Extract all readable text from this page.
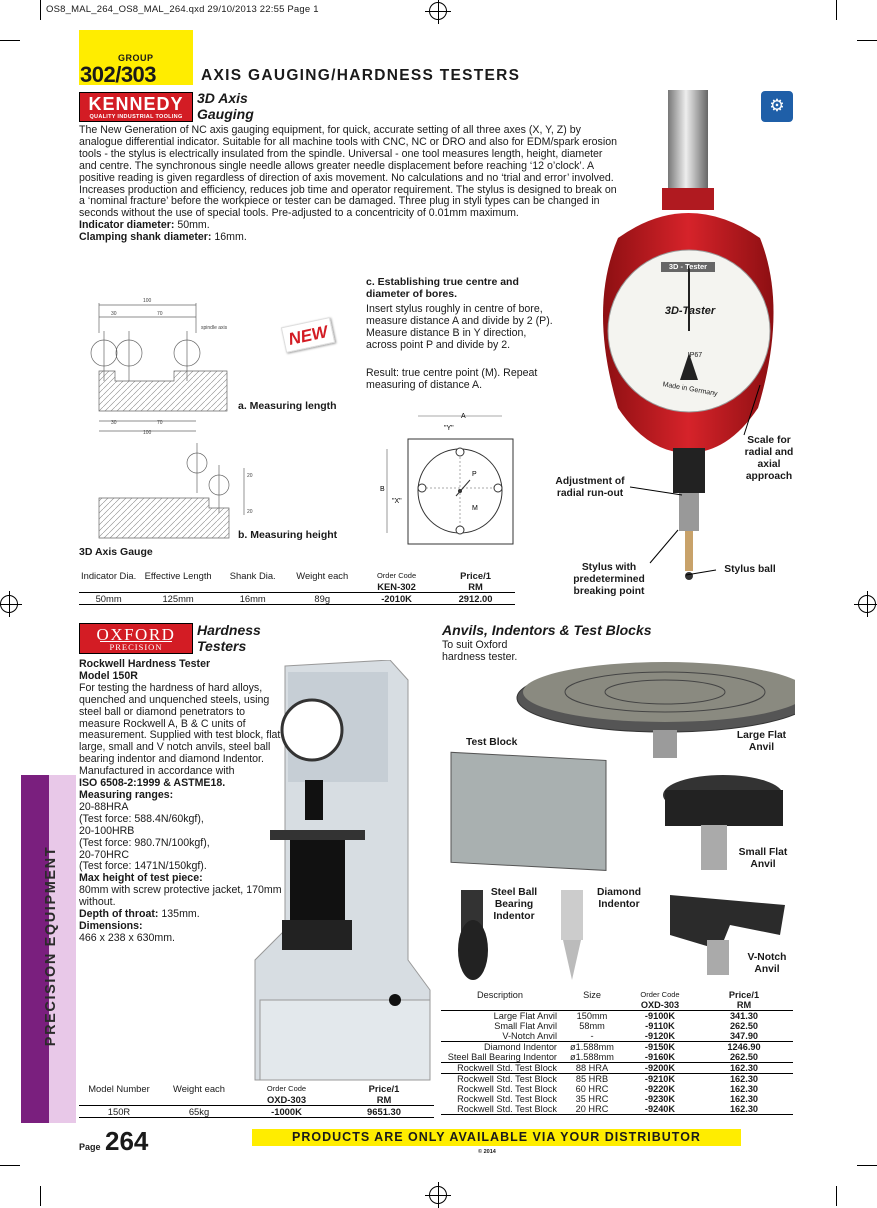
OS8_MAL_264_OS8_MAL_264.qxd 29/10/2013 22:55 Page 1
GROUP
302/303	AXIS GAUGING/HARDNESS TESTERS
KENNEDY
QUALITY INDUSTRIAL TOOLING
3D Axis
Gauging	⚙
The New Generation of NC axis gauging equipment, for quick, accurate setting of all three axes (X, Y, Z) by analogue differential indicator. Suitable for all machine tools with CNC, NC or DRO and also for EDM/spark erosion tools - the stylus is electrically insulated from the spindle. Universal - one tool measures length, height, diameter and centre. The synchronous single needle allows greater needle displacement before reaching ‘12 o’clock’. A positive reading is given regardless of direction of axis movement. No calculations and no ‘trial and error’ involved. Increases production and efficiency, reduces job time and operator requirement. The stylus is designed to break on a ‘nominal fracture’ before the workpiece or tester can be damaged. Three plug in styli types can be changed in seconds without the use of special tools. Pre-adjusted to a concentricity of 0.01mm maximum.
Indicator diameter: 50mm.
Clamping shank diameter: 16mm.
100
30	70
spindle axis
30	70
100
20
20
NEW
a. Measuring length
b. Measuring height
3D Axis Gauge
c. Establishing true centre and diameter of bores.
Insert stylus roughly in centre of bore, measure distance A and divide by 2 (P). Measure distance B in Y direction, across point P and divide by 2.
Result: true centre point (M). Repeat measuring of distance A.
A
"Y"
B
"X"
P
M
3D - Tester
3D-Taster
IP67
Made in Germany
Scale for radial and axial approach
Adjustment of radial run-out
Stylus with predetermined breaking point
Stylus ball
Indicator Dia.	Effective Length	Shank Dia.	Weight each	Order Code	Price/1
				KEN-302	RM
50mm	125mm	16mm	89g	-2010K	2912.00
OXFORD
PRECISION
Hardness
Testers
Rockwell Hardness Tester
Model 150R
For testing the hardness of hard alloys, quenched and unquenched steels, using steel ball or diamond penetrators to measure Rockwell A, B & C units of measurement. Supplied with test block, flat large, small and V notch anvils, steel ball bearing indentor and diamond Indentor. Manufactured in accordance with
ISO 6508-2:1999 & ASTME18.
Measuring ranges:
20-88HRA
(Test force: 588.4N/60kgf),
20-100HRB
(Test force: 980.7N/100kgf),
20-70HRC
(Test force: 1471N/150kgf).
Max height of test piece:
80mm with screw protective jacket, 170mm without.
Depth of throat: 135mm.
Dimensions:
466 x 238 x 630mm.
Model Number	Weight each	Order Code	Price/1
		OXD-303	RM
150R	65kg	-1000K	9651.30
Anvils, Indentors & Test Blocks
To suit Oxford hardness tester.
Test Block
Large Flat Anvil
Small Flat Anvil
Steel Ball Bearing Indentor
Diamond Indentor
V-Notch Anvil
Description	Size	Order Code	Price/1
		OXD-303	RM
Large Flat Anvil	150mm	-9100K	341.30
Small Flat Anvil	58mm	-9110K	262.50
V-Notch Anvil	-	-9120K	347.90
Diamond Indentor	ø1.588mm	-9150K	1246.90
Steel Ball Bearing Indentor	ø1.588mm	-9160K	262.50
Rockwell Std. Test Block	88 HRA	-9200K	162.30
Rockwell Std. Test Block	85 HRB	-9210K	162.30
Rockwell Std. Test Block	60 HRC	-9220K	162.30
Rockwell Std. Test Block	35 HRC	-9230K	162.30
Rockwell Std. Test Block	20 HRC	-9240K	162.30
PRECISION EQUIPMENT
Page 264	PRODUCTS ARE ONLY AVAILABLE VIA YOUR DISTRIBUTOR
© 2014
